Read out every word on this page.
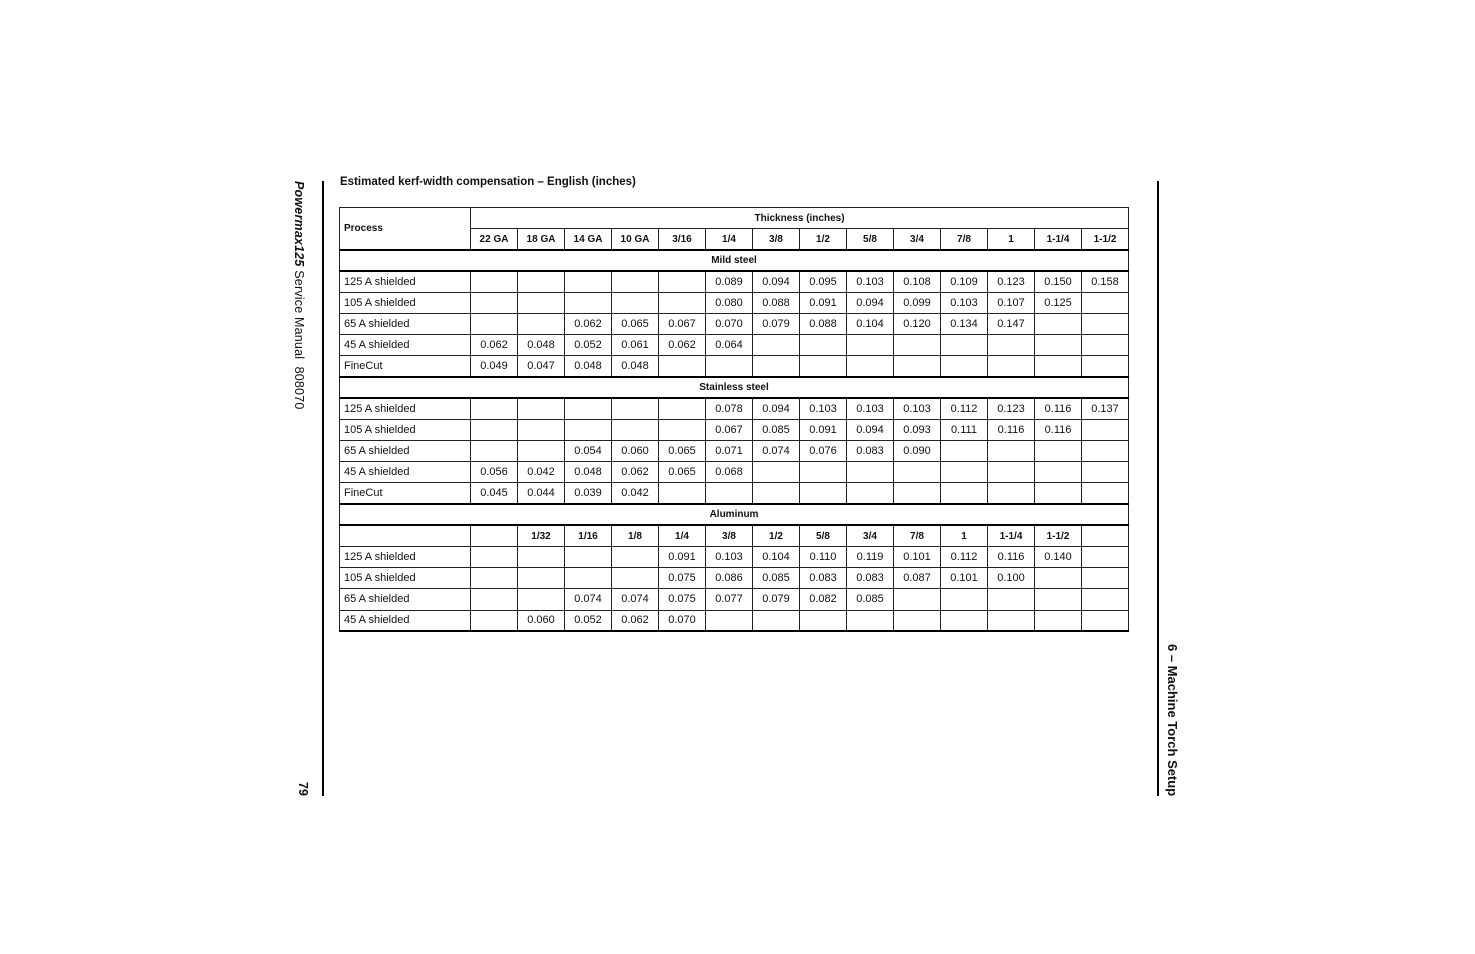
Powermax125 Service Manual  808070
79	6 – Machine Torch Setup
Estimated kerf-width compensation – English (inches)
Process	Thickness (inches)													
	22 GA	18 GA	14 GA	10 GA	3/16	1/4	3/8	1/2	5/8	3/4	7/8	1	1-1/4	1-1/2
Mild steel														
125 A shielded						0.089	0.094	0.095	0.103	0.108	0.109	0.123	0.150	0.158
105 A shielded						0.080	0.088	0.091	0.094	0.099	0.103	0.107	0.125	
65 A shielded			0.062	0.065	0.067	0.070	0.079	0.088	0.104	0.120	0.134	0.147		
45 A shielded	0.062	0.048	0.052	0.061	0.062	0.064								
FineCut	0.049	0.047	0.048	0.048										
Stainless steel														
125 A shielded						0.078	0.094	0.103	0.103	0.103	0.112	0.123	0.116	0.137
105 A shielded						0.067	0.085	0.091	0.094	0.093	0.111	0.116	0.116	
65 A shielded			0.054	0.060	0.065	0.071	0.074	0.076	0.083	0.090				
45 A shielded	0.056	0.042	0.048	0.062	0.065	0.068								
FineCut	0.045	0.044	0.039	0.042										
Aluminum														
		1/32	1/16	1/8	1/4	3/8	1/2	5/8	3/4	7/8	1	1-1/4	1-1/2	
125 A shielded					0.091	0.103	0.104	0.110	0.119	0.101	0.112	0.116	0.140	
105 A shielded					0.075	0.086	0.085	0.083	0.083	0.087	0.101	0.100		
65 A shielded			0.074	0.074	0.075	0.077	0.079	0.082	0.085					
45 A shielded		0.060	0.052	0.062	0.070									
